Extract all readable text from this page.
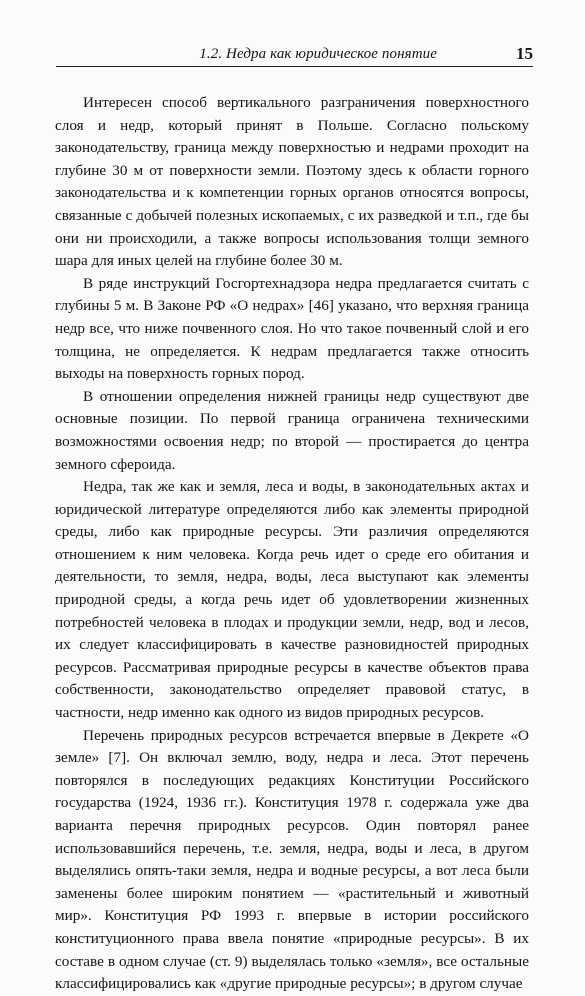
1.2. Недра как юридическое понятие	15

Интересен способ вертикального разграничения поверхностного слоя и недр, который принят в Польше. Согласно польскому законодательству, граница между поверхностью и недрами проходит на глубине 30 м от поверхности земли. Поэтому здесь к области горного законодательства и к компетенции горных органов относятся вопросы, связанные с добычей полезных ископаемых, с их разведкой и т.п., где бы они ни происходили, а также вопросы использования толщи земного шара для иных целей на глубине более 30 м.

В ряде инструкций Госгортехнадзора недра предлагается считать с глубины 5 м. В Законе РФ «О недрах» [46] указано, что верхняя граница недр все, что ниже почвенного слоя. Но что такое почвенный слой и его толщина, не определяется. К недрам предлагается также относить выходы на поверхность горных пород.

В отношении определения нижней границы недр существуют две основные позиции. По первой граница ограничена техническими возможностями освоения недр; по второй — простирается до центра земного сфероида.

Недра, так же как и земля, леса и воды, в законодательных актах и юридической литературе определяются либо как элементы природной среды, либо как природные ресурсы. Эти различия определяются отношением к ним человека. Когда речь идет о среде его обитания и деятельности, то земля, недра, воды, леса выступают как элементы природной среды, а когда речь идет об удовлетворении жизненных потребностей человека в плодах и продукции земли, недр, вод и лесов, их следует классифицировать в качестве разновидностей природных ресурсов. Рассматривая природные ресурсы в качестве объектов права собственности, законодательство определяет правовой статус, в частности, недр именно как одного из видов природных ресурсов.

Перечень природных ресурсов встречается впервые в Декрете «О земле» [7]. Он включал землю, воду, недра и леса. Этот перечень повторялся в последующих редакциях Конституции Российского государства (1924, 1936 гг.). Конституция 1978 г. содержала уже два варианта перечня природных ресурсов. Один повторял ранее использовавшийся перечень, т.е. земля, недра, воды и леса, в другом выделялись опять-таки земля, недра и водные ресурсы, а вот леса были заменены более широким понятием — «растительный и животный мир». Конституция РФ 1993 г. впервые в истории российского конституционного права ввела понятие «природные ресурсы». В их составе в одном случае (ст. 9) выделялась только «земля», все остальные классифицировались как «другие природные ресурсы»; в другом случае
